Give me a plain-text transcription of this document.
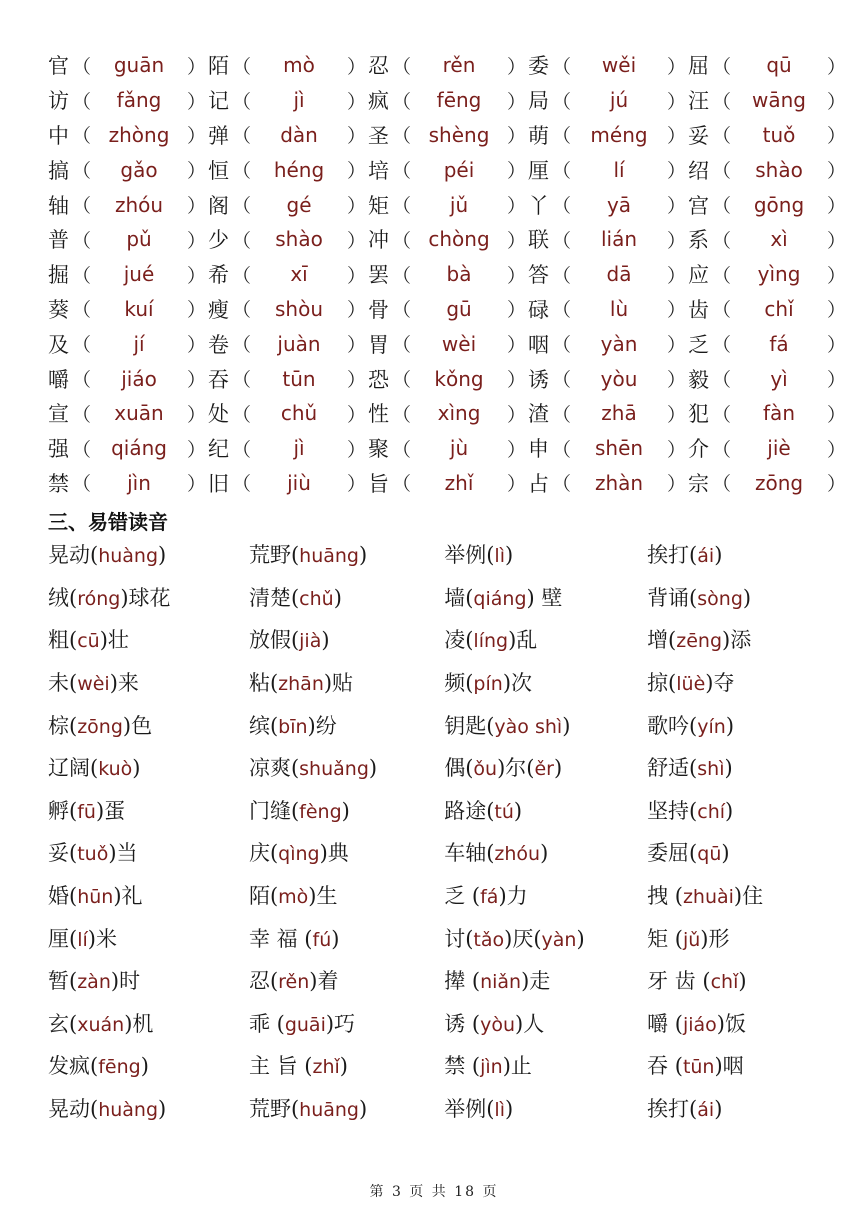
官 （	guān	） 陌 （	mò	） 忍 （	rěn	） 委 （	wěi	） 屈 （	qū	）
访 （	fǎng	） 记 （	jì	） 疯 （	fēng	） 局 （	jú	） 汪 （	wāng	）
中 （ zhòng ） 弹 （	dàn	） 圣 （ shèng ） 萌 （ méng	） 妥 （	tuǒ	）
搞 （	gǎo	） 恒 （	héng	） 培 （	péi	） 厘 （	lí	） 绍 （	shào	）
轴 （	zhóu	） 阁 （	gé	） 矩 （	jǔ	） 丫 （	yā	） 宫 （	gōng	）
普 （	pǔ	） 少 （	shào	） 冲 （ chòng ） 联 （	lián	） 系 （	xì	）
掘 （	jué	） 希 （	xī	） 罢 （	bà	） 答 （	dā	） 应 （	yìng	）
葵 （	kuí	） 瘦 （	shòu	） 骨 （	gū	） 碌 （	lù	） 齿 （	chǐ	）
及 （	jí	） 卷 （	juàn	） 胃 （	wèi	） 咽 （	yàn	） 乏 （	fá	）
嚼 （	jiáo	） 吞 （	tūn	） 恐 （	kǒng	） 诱 （	yòu	） 毅 （	yì	）
宣 （	xuān	） 处 （	chǔ	） 性 （	xìng	） 渣 （	zhā	） 犯 （	fàn	）
强 （	qiáng	） 纪 （	jì	） 聚 （	jù	） 申 （	shēn	） 介 （	jiè	）
禁 （	jìn	） 旧 （	jiù	） 旨 （	zhǐ	） 占 （	zhàn	） 宗 （	zōng	）
三、易错读音
晃动(huàng)	荒野(huāng)	举例(lì)	挨打(ái)
绒(róng)球花	清楚(chǔ)	墙(qiáng) 壁	背诵(sòng)
粗(cū)壮	放假(jià)	凌(líng)乱	增(zēng)添
未(wèi)来	粘(zhān)贴	频(pín)次	掠(lüè)夺
棕(zōng)色	缤(bīn)纷	钥匙(yào shì)	歌吟(yín)
辽阔(kuò)	凉爽(shuǎng)	偶(ǒu)尔(ěr)	舒适(shì)
孵(fū)蛋	门缝(fèng)	路途(tú)	坚持(chí)
妥(tuǒ)当	庆(qìng)典	车轴(zhóu)	委屈(qū)
婚(hūn)礼	陌(mò)生	乏 (fá)力	拽 (zhuài)住
厘(lí)米	幸 福 (fú)	讨(tǎo)厌(yàn)	矩 (jǔ)形
暂(zàn)时	忍(rěn)着	撵 (niǎn)走	牙 齿 (chǐ)
玄(xuán)机	乖 (guāi)巧	诱 (yòu)人	嚼 (jiáo)饭
发疯(fēng)	主 旨 (zhǐ)	禁 (jìn)止	吞 (tūn)咽
晃动(huàng)	荒野(huāng)	举例(lì)	挨打(ái)
第 3 页 共 18 页
